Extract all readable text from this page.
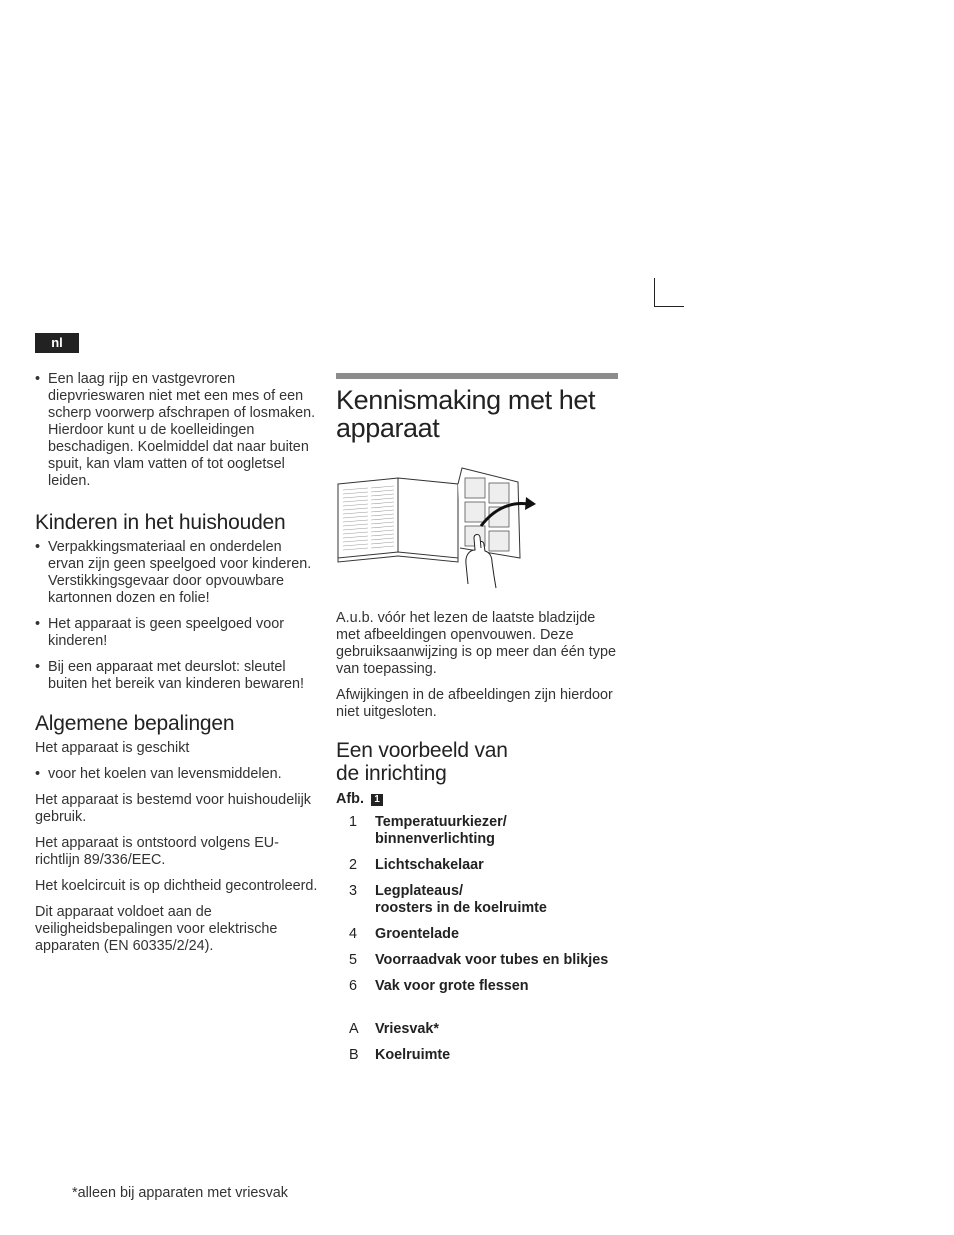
nl
• Een laag rijp en vastgevroren diepvrieswaren niet met een mes of een scherp voorwerp afschrapen of losmaken. Hierdoor kunt u de koelleidingen beschadigen. Koelmiddel dat naar buiten spuit, kan vlam vatten of tot oogletsel leiden.
Kinderen in het huishouden
• Verpakkingsmateriaal en onderdelen ervan zijn geen speelgoed voor kinderen. Verstikkingsgevaar door opvouwbare kartonnen dozen en folie!
• Het apparaat is geen speelgoed voor kinderen!
• Bij een apparaat met deurslot: sleutel buiten het bereik van kinderen bewaren!
Algemene bepalingen

Het apparaat is geschikt

• voor het koelen van levensmiddelen.

Het apparaat is bestemd voor huishoudelijk gebruik.

Het apparaat is ontstoord volgens EU-richtlijn 89/336/EEC.

Het koelcircuit is op dichtheid gecontroleerd.

Dit apparaat voldoet aan de veiligheidsbepalingen voor elektrische apparaten (EN 60335/2/24).

Kennismaking met het apparaat

A.u.b. vóór het lezen de laatste bladzijde met afbeeldingen openvouwen. Deze gebruiksaanwijzing is op meer dan één type van toepassing.

Afwijkingen in de afbeeldingen zijn hierdoor niet uitgesloten.

Een voorbeeld van
de inrichting
Afb. 1
1	Temperatuurkiezer/
binnenverlichting
2	Lichtschakelaar
3	Legplateaus/
roosters in de koelruimte
4	Groentelade
5	Voorraadvak voor tubes en blikjes
6	Vak voor grote flessen
A	Vriesvak*
B	Koelruimte
*alleen bij apparaten met vriesvak
